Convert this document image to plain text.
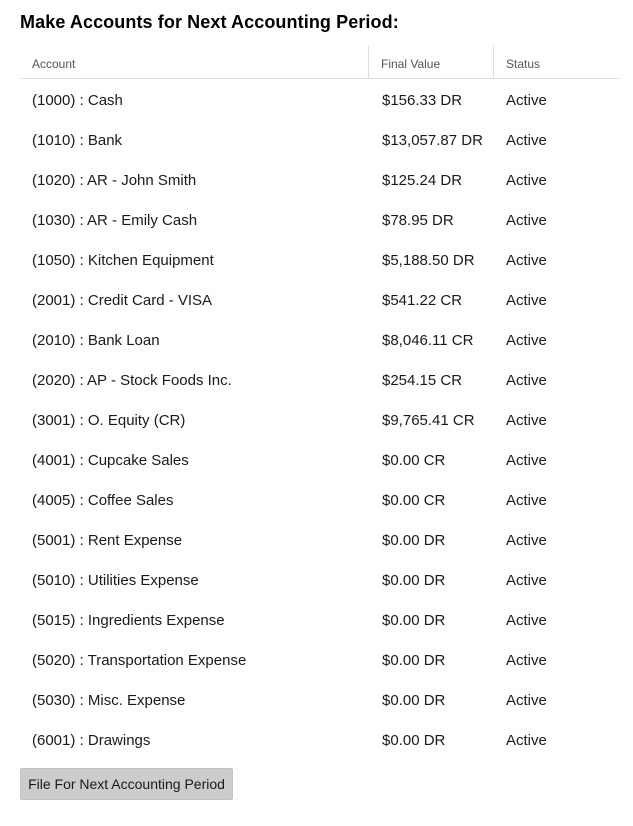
Make Accounts for Next Accounting Period:
Account	Final Value	Status
(1000) : Cash	$156.33 DR	Active
(1010) : Bank	$13,057.87 DR	Active
(1020) : AR - John Smith	$125.24 DR	Active
(1030) : AR - Emily Cash	$78.95 DR	Active
(1050) : Kitchen Equipment	$5,188.50 DR	Active
(2001) : Credit Card - VISA	$541.22 CR	Active
(2010) : Bank Loan	$8,046.11 CR	Active
(2020) : AP - Stock Foods Inc.	$254.15 CR	Active
(3001) : O. Equity (CR)	$9,765.41 CR	Active
(4001) : Cupcake Sales	$0.00 CR	Active
(4005) : Coffee Sales	$0.00 CR	Active
(5001) : Rent Expense	$0.00 DR	Active
(5010) : Utilities Expense	$0.00 DR	Active
(5015) : Ingredients Expense	$0.00 DR	Active
(5020) : Transportation Expense	$0.00 DR	Active
(5030) : Misc. Expense	$0.00 DR	Active
(6001) : Drawings	$0.00 DR	Active
File For Next Accounting Period
